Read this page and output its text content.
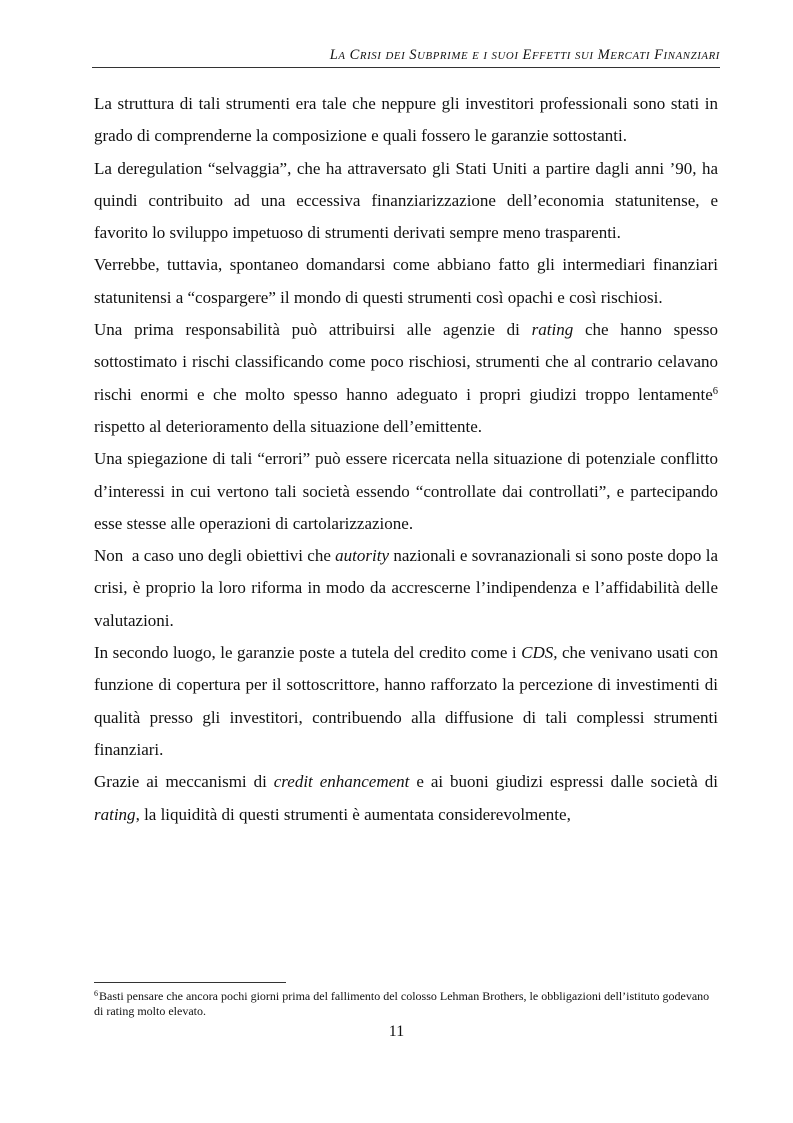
LA CRISI DEI SUBPRIME E I SUOI EFFETTI SUI MERCATI FINANZIARI

La struttura di tali strumenti era tale che neppure gli investitori professionali sono stati in grado di comprenderne la composizione e quali fossero le garanzie sottostanti.

La deregulation “selvaggia”, che ha attraversato gli Stati Uniti a partire dagli anni ’90, ha quindi contribuito ad una eccessiva finanziarizzazione dell’economia statunitense, e favorito lo sviluppo impetuoso di strumenti derivati sempre meno trasparenti.

Verrebbe, tuttavia, spontaneo domandarsi come abbiano fatto gli intermediari finanziari statunitensi a “cospargere” il mondo di questi strumenti così opachi e così rischiosi.

Una prima responsabilità può attribuirsi alle agenzie di rating che hanno spesso sottostimato i rischi classificando come poco rischiosi, strumenti che al contrario celavano rischi enormi e che molto spesso hanno adeguato i propri giudizi troppo lentamente$^6$ rispetto al deterioramento della situazione dell’emittente.

Una spiegazione di tali “errori” può essere ricercata nella situazione di potenziale conflitto d’interessi in cui vertono tali società essendo “controllate dai controllati”, e partecipando esse stesse alle operazioni di cartolarizzazione.

Non  a caso uno degli obiettivi che autority nazionali e sovranazionali si sono poste dopo la crisi, è proprio la loro riforma in modo da accrescerne l’indipendenza e l’affidabilità delle valutazioni.

In secondo luogo, le garanzie poste a tutela del credito come i CDS, che venivano usati con funzione di copertura per il sottoscrittore, hanno rafforzato la percezione di investimenti di qualità presso gli investitori, contribuendo alla diffusione di tali complessi strumenti finanziari.

Grazie ai meccanismi di credit enhancement e ai buoni giudizi espressi dalle società di rating, la liquidità di questi strumenti è aumentata considerevolmente,

$^6$Basti pensare che ancora pochi giorni prima del fallimento del colosso Lehman Brothers, le obbligazioni dell’istituto godevano di rating molto elevato.
11
